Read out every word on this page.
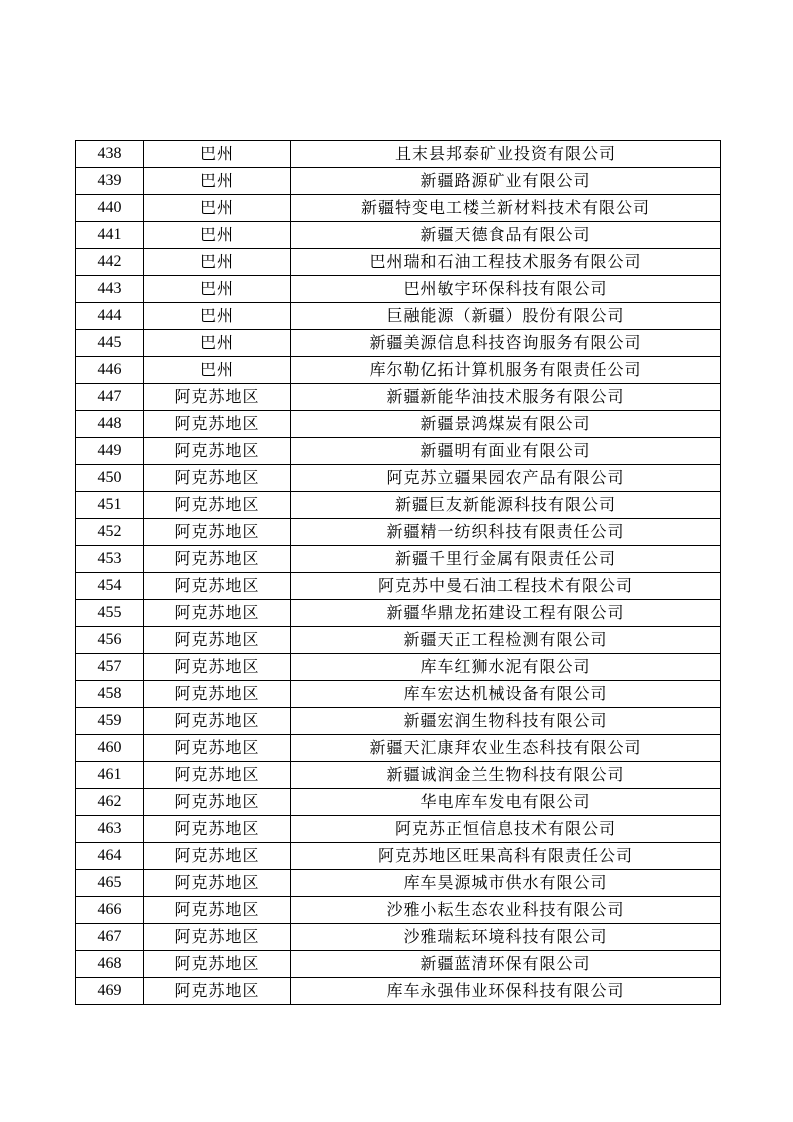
438	巴州	且末县邦泰矿业投资有限公司
439	巴州	新疆路源矿业有限公司
440	巴州	新疆特变电工楼兰新材料技术有限公司
441	巴州	新疆天德食品有限公司
442	巴州	巴州瑞和石油工程技术服务有限公司
443	巴州	巴州敏宇环保科技有限公司
444	巴州	巨融能源（新疆）股份有限公司
445	巴州	新疆美源信息科技咨询服务有限公司
446	巴州	库尔勒亿拓计算机服务有限责任公司
447	阿克苏地区	新疆新能华油技术服务有限公司
448	阿克苏地区	新疆景鸿煤炭有限公司
449	阿克苏地区	新疆明有面业有限公司
450	阿克苏地区	阿克苏立疆果园农产品有限公司
451	阿克苏地区	新疆巨友新能源科技有限公司
452	阿克苏地区	新疆精一纺织科技有限责任公司
453	阿克苏地区	新疆千里行金属有限责任公司
454	阿克苏地区	阿克苏中曼石油工程技术有限公司
455	阿克苏地区	新疆华鼎龙拓建设工程有限公司
456	阿克苏地区	新疆天正工程检测有限公司
457	阿克苏地区	库车红狮水泥有限公司
458	阿克苏地区	库车宏达机械设备有限公司
459	阿克苏地区	新疆宏润生物科技有限公司
460	阿克苏地区	新疆天汇康拜农业生态科技有限公司
461	阿克苏地区	新疆诚润金兰生物科技有限公司
462	阿克苏地区	华电库车发电有限公司
463	阿克苏地区	阿克苏正恒信息技术有限公司
464	阿克苏地区	阿克苏地区旺果高科有限责任公司
465	阿克苏地区	库车昊源城市供水有限公司
466	阿克苏地区	沙雅小耘生态农业科技有限公司
467	阿克苏地区	沙雅瑞耘环境科技有限公司
468	阿克苏地区	新疆蓝清环保有限公司
469	阿克苏地区	库车永强伟业环保科技有限公司
